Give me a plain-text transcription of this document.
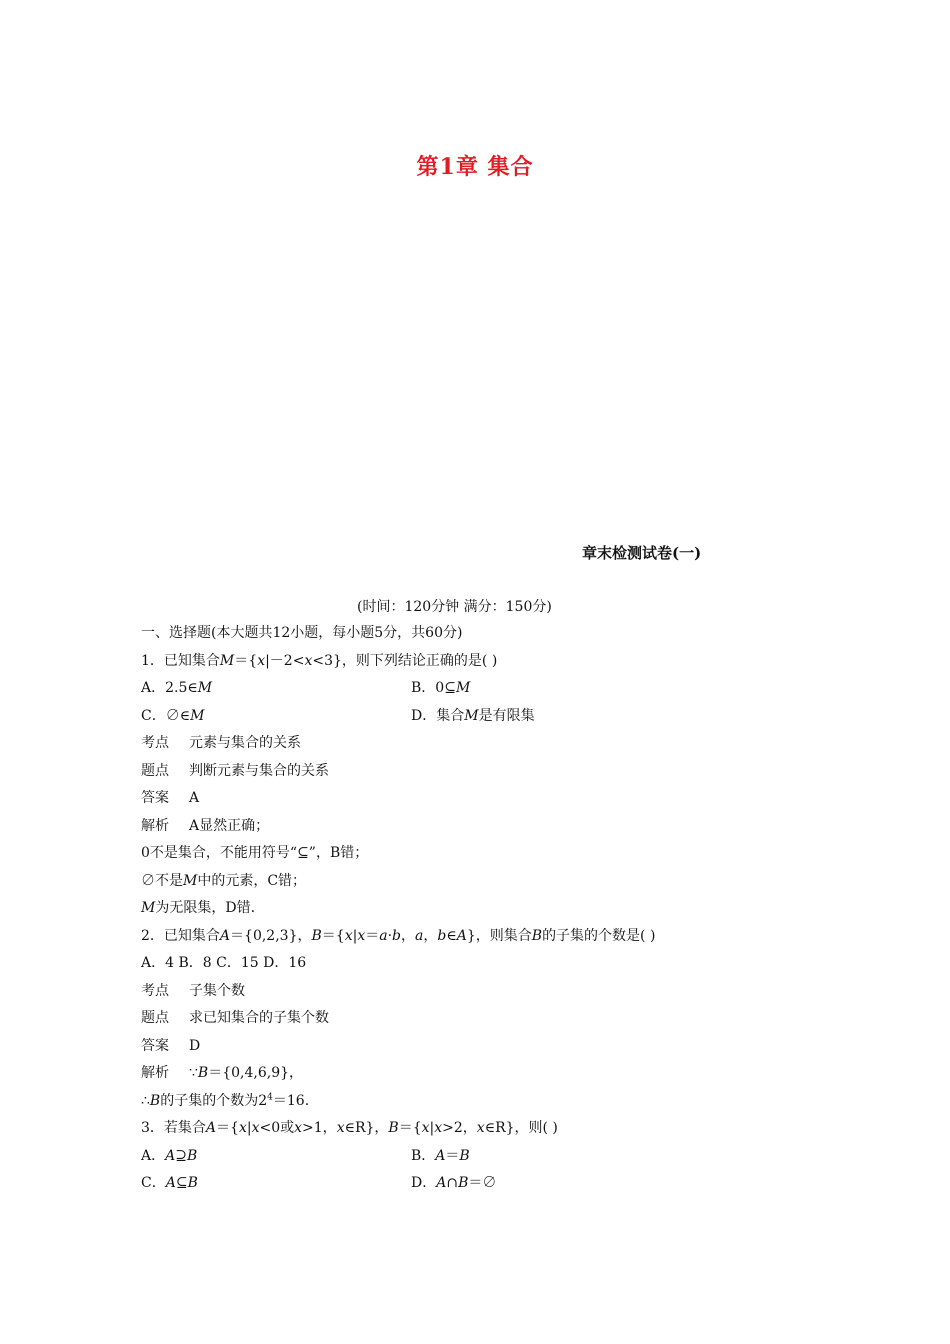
第1章 集合
章末检测试卷(一)
(时间：120分钟 满分：150分)
一、选择题(本大题共12小题，每小题5分，共60分)
1．已知集合M＝{x|－2<x<3}，则下列结论正确的是( )
A．2.5∈M	B．0⊆M
C．∅∈M	D．集合M是有限集
考点 元素与集合的关系
题点 判断元素与集合的关系
答案 A
解析 A显然正确；
0不是集合，不能用符号“⊆”，B错；
∅不是M中的元素，C错；
M为无限集，D错.
2．已知集合A＝{0,2,3}，B＝{x|x＝a·b，a，b∈A}，则集合B的子集的个数是( )
A．4 B．8 C．15 D．16
考点 子集个数
题点 求已知集合的子集个数
答案 D
解析 ∵B＝{0,4,6,9}，
∴B的子集的个数为$2^4=16$.
3．若集合A＝{x|x<0或x>1，x∈R}，B＝{x|x>2，x∈R}，则( )
A．A⊇B	B．A＝B
C．A⊆B	D．A∩B＝∅
